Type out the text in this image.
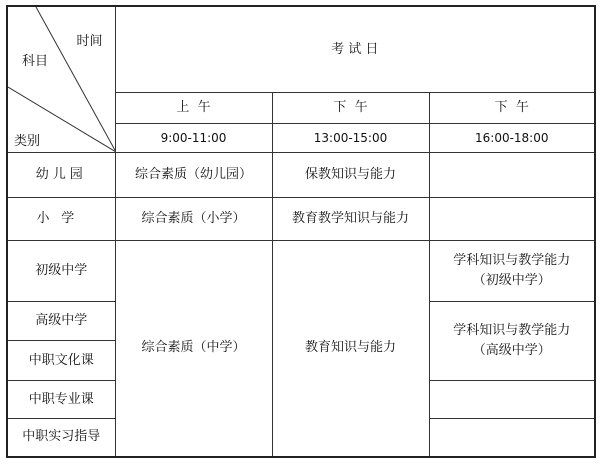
时间
科目
类别	考 试 日		
	上  午	下  午	下  午
	9:00-11:00	13:00-15:00	16:00-18:00
幼儿园	综合素质（幼儿园）	保教知识与能力	
小学	综合素质（小学）	教育教学知识与能力	
初级中学	综合素质（中学）	教育知识与能力	学科知识与教学能力
（初级中学）

高级中学			学科知识与教学能力
（高级中学）

中职文化课			
中职专业课			
中职实习指导			
